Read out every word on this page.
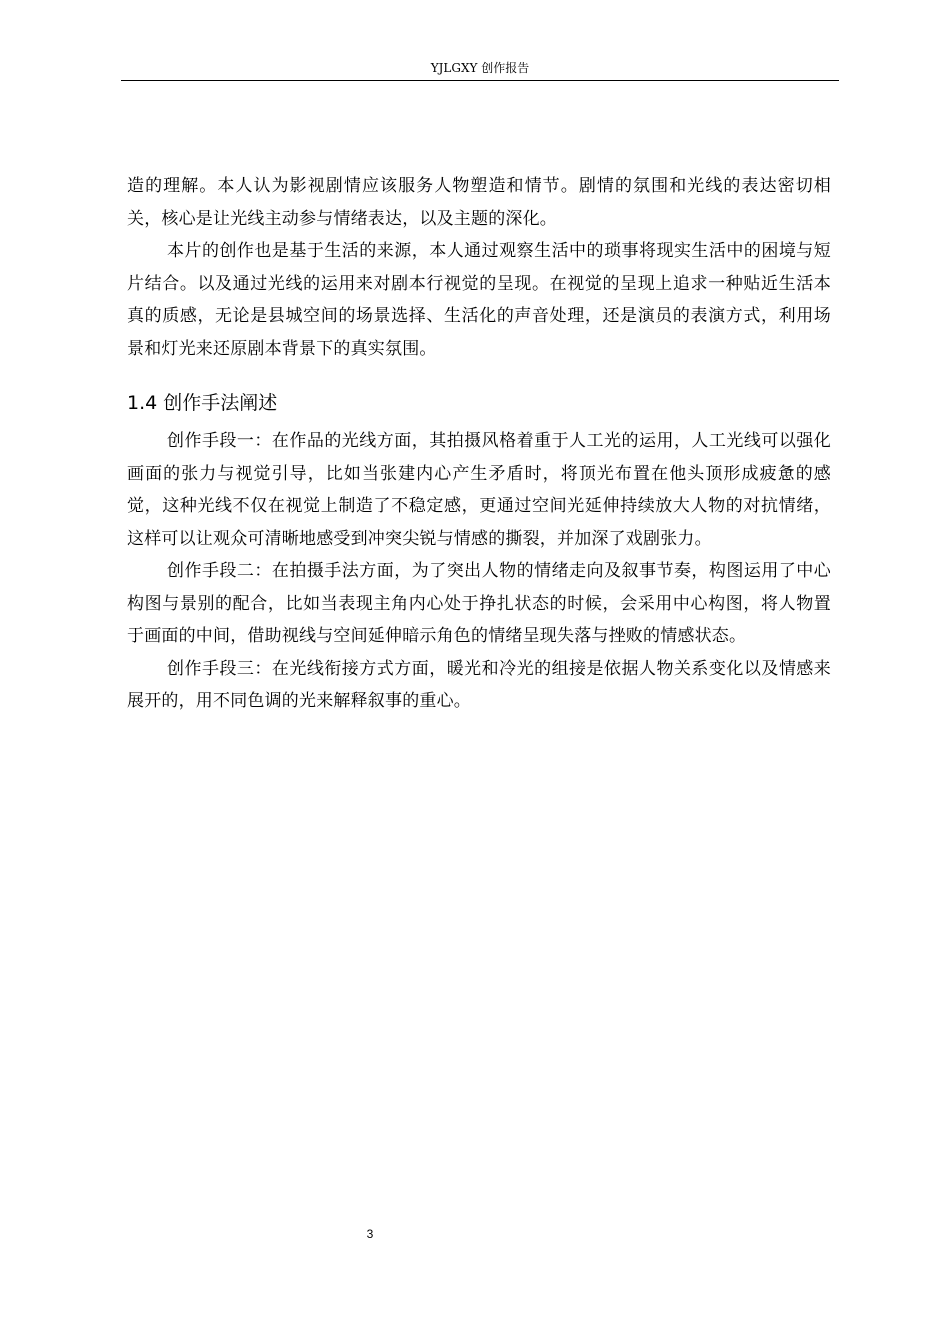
YJLGXY 创作报告

造的理解。本人认为影视剧情应该服务人物塑造和情节。剧情的氛围和光线的表达密切相关，核心是让光线主动参与情绪表达，以及主题的深化。

本片的创作也是基于生活的来源，本人通过观察生活中的琐事将现实生活中的困境与短片结合。以及通过光线的运用来对剧本行视觉的呈现。在视觉的呈现上追求一种贴近生活本真的质感，无论是县城空间的场景选择、生活化的声音处理，还是演员的表演方式，利用场景和灯光来还原剧本背景下的真实氛围。

1.4 创作手法阐述

创作手段一：在作品的光线方面，其拍摄风格着重于人工光的运用，人工光线可以强化画面的张力与视觉引导，比如当张建内心产生矛盾时，将顶光布置在他头顶形成疲惫的感觉，这种光线不仅在视觉上制造了不稳定感，更通过空间光延伸持续放大人物的对抗情绪，这样可以让观众可清晰地感受到冲突尖锐与情感的撕裂，并加深了戏剧张力。

创作手段二：在拍摄手法方面，为了突出人物的情绪走向及叙事节奏，构图运用了中心构图与景别的配合，比如当表现主角内心处于挣扎状态的时候，会采用中心构图，将人物置于画面的中间，借助视线与空间延伸暗示角色的情绪呈现失落与挫败的情感状态。

创作手段三：在光线衔接方式方面，暖光和冷光的组接是依据人物关系变化以及情感来展开的，用不同色调的光来解释叙事的重心。

3
